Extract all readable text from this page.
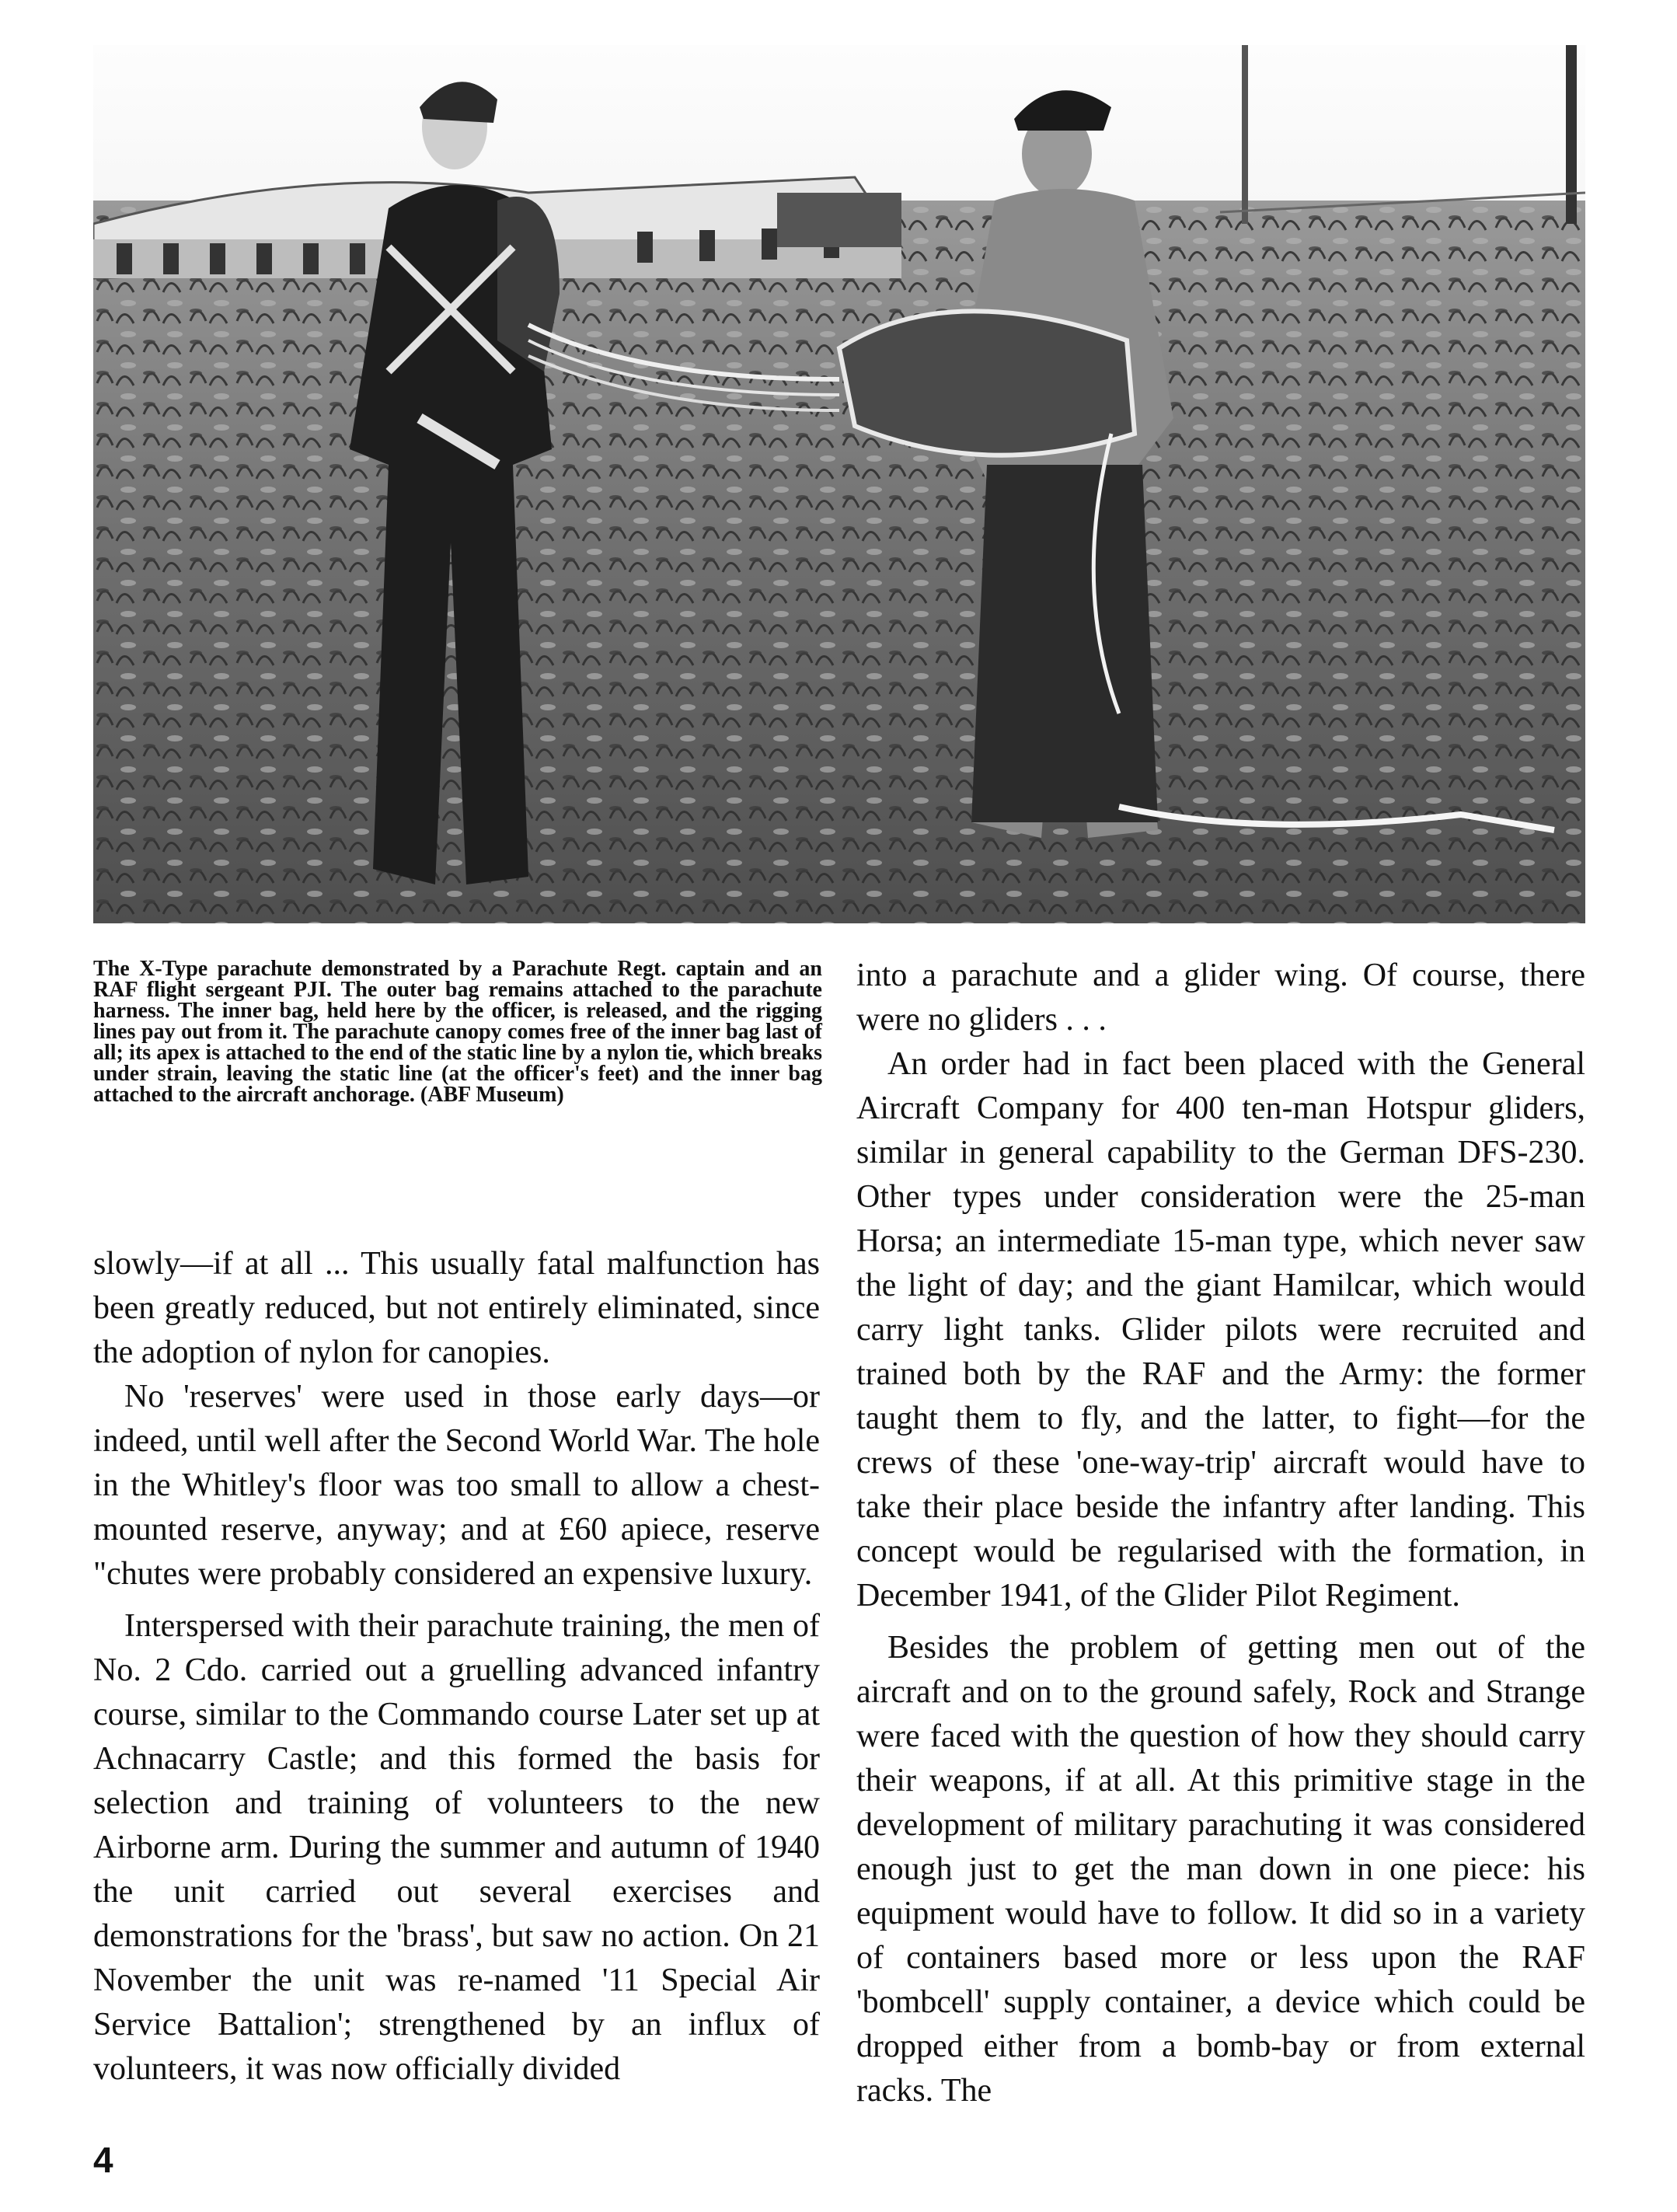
The X-Type parachute demonstrated by a Parachute Regt. captain and an RAF flight sergeant PJI. The outer bag remains attached to the parachute harness. The inner bag, held here by the officer, is released, and the rigging lines pay out from it. The parachute canopy comes free of the inner bag last of all; its apex is attached to the end of the static line by a nylon tie, which breaks under strain, leaving the static line (at the officer's feet) and the inner bag attached to the aircraft anchorage. (ABF Museum)

slowly—if at all ... This usually fatal malfunction has been greatly reduced, but not entirely eliminated, since the adoption of nylon for canopies.

No 'reserves' were used in those early days—or indeed, until well after the Second World War. The hole in the Whitley's floor was too small to allow a chest-mounted reserve, anyway; and at £60 apiece, reserve "chutes were probably considered an expensive luxury.

Interspersed with their parachute training, the men of No. 2 Cdo. carried out a gruelling advanced infantry course, similar to the Commando course Later set up at Achnacarry Castle; and this formed the basis for selection and training of volunteers to the new Airborne arm. During the summer and autumn of 1940 the unit carried out several exercises and demonstrations for the 'brass', but saw no action. On 21 November the unit was re-named '11 Special Air Service Battalion'; strengthened by an influx of volunteers, it was now officially divided

into a parachute and a glider wing. Of course, there were no gliders . . .

An order had in fact been placed with the General Aircraft Company for 400 ten-man Hotspur gliders, similar in general capability to the German DFS-230. Other types under consideration were the 25-man Horsa; an intermediate 15-man type, which never saw the light of day; and the giant Hamilcar, which would carry light tanks. Glider pilots were recruited and trained both by the RAF and the Army: the former taught them to fly, and the latter, to fight—for the crews of these 'one-way-trip' aircraft would have to take their place beside the infantry after landing. This concept would be regularised with the formation, in December 1941, of the Glider Pilot Regiment.

Besides the problem of getting men out of the aircraft and on to the ground safely, Rock and Strange were faced with the question of how they should carry their weapons, if at all. At this primitive stage in the development of military parachuting it was considered enough just to get the man down in one piece: his equipment would have to follow. It did so in a variety of containers based more or less upon the RAF 'bombcell' supply container, a device which could be dropped either from a bomb-bay or from external racks. The

4
